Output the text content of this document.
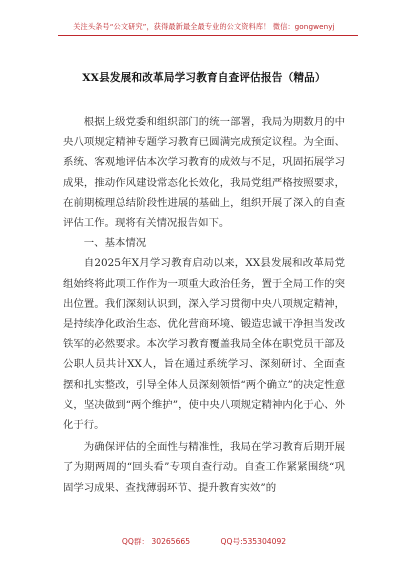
关注头条号“公文研究”，获得最新最全最专业的公文资料库！ 微信：gongwenyj
XX县发展和改革局学习教育自查评估报告（精品）

根据上级党委和组织部门的统一部署，我局为期数月的中央八项规定精神专题学习教育已圆满完成预定议程。为全面、系统、客观地评估本次学习教育的成效与不足，巩固拓展学习成果，推动作风建设常态化长效化，我局党组严格按照要求，在前期梳理总结阶段性进展的基础上，组织开展了深入的自查评估工作。现将有关情况报告如下。

一、基本情况

自2025年X月学习教育启动以来，XX县发展和改革局党组始终将此项工作作为一项重大政治任务，置于全局工作的突出位置。我们深刻认识到，深入学习贯彻中央八项规定精神，是持续净化政治生态、优化营商环境、锻造忠诚干净担当发改铁军的必然要求。本次学习教育覆盖我局全体在职党员干部及公职人员共计XX人，旨在通过系统学习、深刻研讨、全面查摆和扎实整改，引导全体人员深刻领悟“两个确立”的决定性意义，坚决做到“两个维护”，使中央八项规定精神内化于心、外化于行。

为确保评估的全面性与精准性，我局在学习教育后期开展了为期两周的“回头看”专项自查行动。自查工作紧紧围绕“巩固学习成果、查找薄弱环节、提升教育实效”的

QQ群： 30265665	QQ号:535304092
